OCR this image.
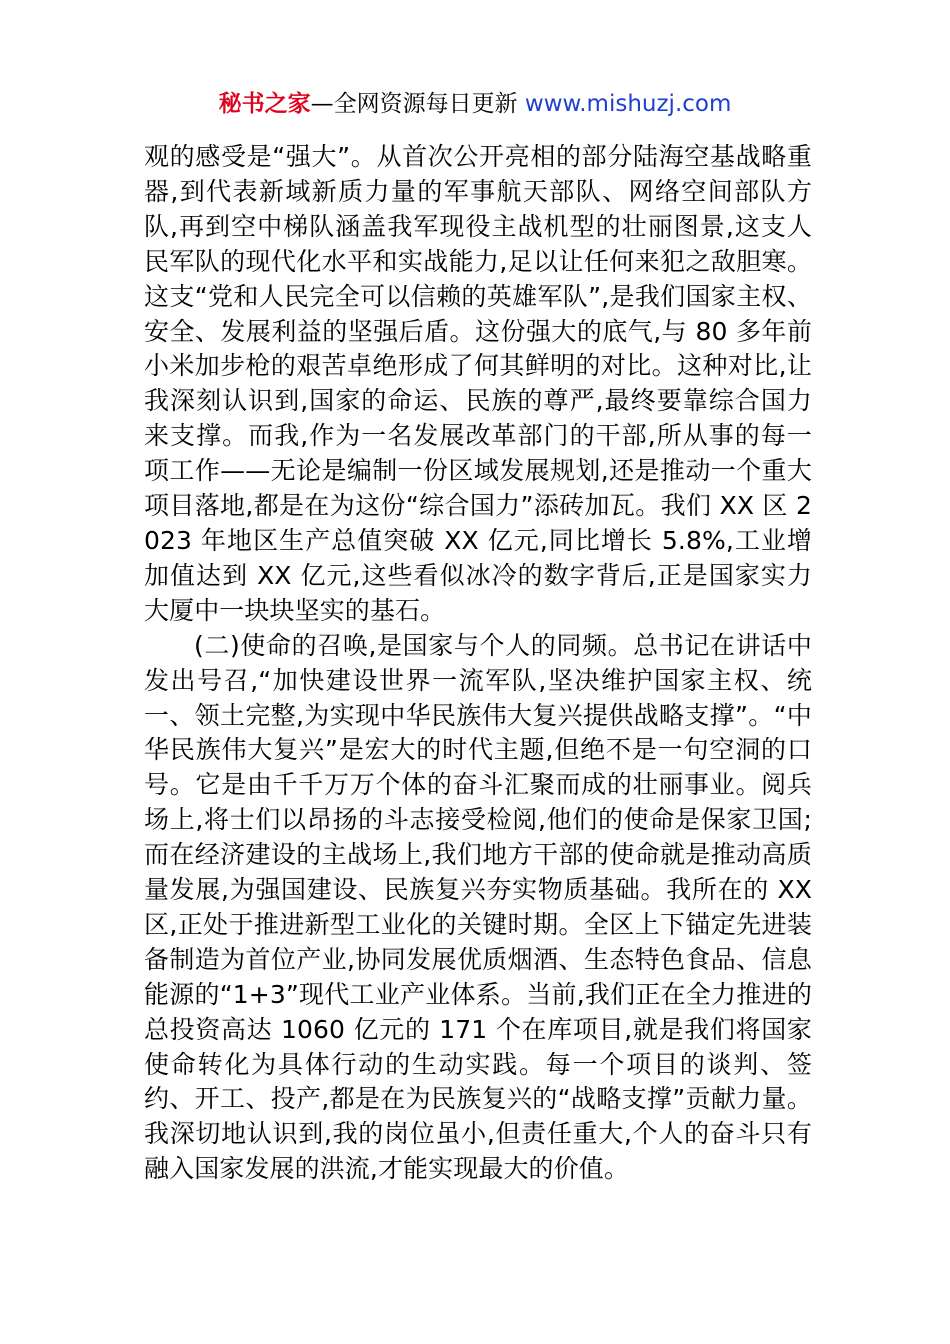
秘书之家—全网资源每日更新 www.mishuzj.com

观的感受是“强大”。从首次公开亮相的部分陆海空基战略重器,到代表新域新质力量的军事航天部队、网络空间部队方队,再到空中梯队涵盖我军现役主战机型的壮丽图景,这支人民军队的现代化水平和实战能力,足以让任何来犯之敌胆寒。这支“党和人民完全可以信赖的英雄军队”,是我们国家主权、安全、发展利益的坚强后盾。这份强大的底气,与 80 多年前小米加步枪的艰苦卓绝形成了何其鲜明的对比。这种对比,让我深刻认识到,国家的命运、民族的尊严,最终要靠综合国力来支撑。而我,作为一名发展改革部门的干部,所从事的每一项工作——无论是编制一份区域发展规划,还是推动一个重大项目落地,都是在为这份“综合国力”添砖加瓦。我们 XX 区 2023 年地区生产总值突破 XX 亿元,同比增长 5.8%,工业增加值达到 XX 亿元,这些看似冰冷的数字背后,正是国家实力大厦中一块块坚实的基石。

(二)使命的召唤,是国家与个人的同频。总书记在讲话中发出号召,“加快建设世界一流军队,坚决维护国家主权、统一、领土完整,为实现中华民族伟大复兴提供战略支撑”。“中华民族伟大复兴”是宏大的时代主题,但绝不是一句空洞的口号。它是由千千万万个体的奋斗汇聚而成的壮丽事业。阅兵场上,将士们以昂扬的斗志接受检阅,他们的使命是保家卫国;而在经济建设的主战场上,我们地方干部的使命就是推动高质量发展,为强国建设、民族复兴夯实物质基础。我所在的 XX 区,正处于推进新型工业化的关键时期。全区上下锚定先进装备制造为首位产业,协同发展优质烟酒、生态特色食品、信息能源的“1+3”现代工业产业体系。当前,我们正在全力推进的总投资高达 1060 亿元的 171 个在库项目,就是我们将国家使命转化为具体行动的生动实践。每一个项目的谈判、签约、开工、投产,都是在为民族复兴的“战略支撑”贡献力量。我深切地认识到,我的岗位虽小,但责任重大,个人的奋斗只有融入国家发展的洪流,才能实现最大的价值。
